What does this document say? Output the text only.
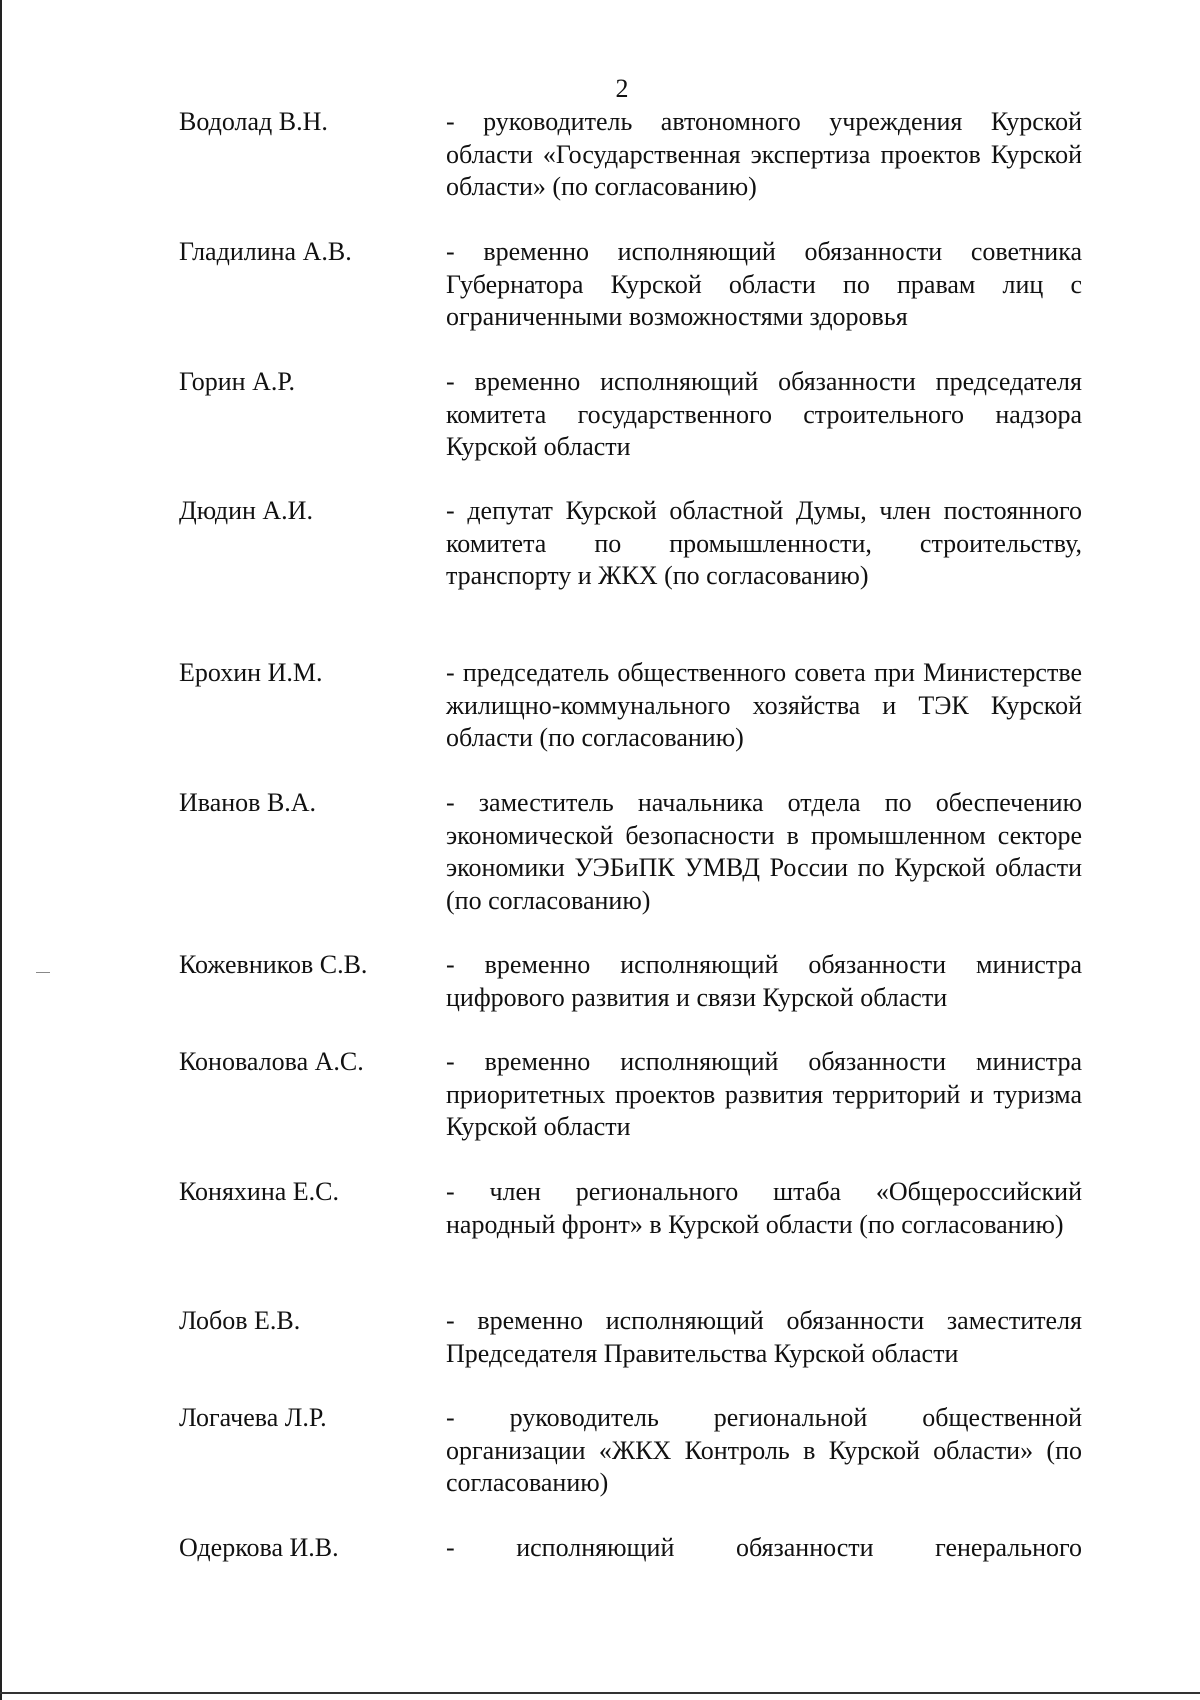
2
Водолад В.Н.	- руководитель автономного учреждения Курской области «Государственная экспертиза проектов Курской области» (по согласованию)
Гладилина А.В.	- временно исполняющий обязанности советника Губернатора Курской области по правам лиц с ограниченными возможностями здоровья
Горин А.Р.	- временно исполняющий обязанности председателя комитета государственного строительного надзора Курской области
Дюдин А.И.	- депутат Курской областной Думы, член постоянного комитета по промышленности, строительству, транспорту и ЖКХ (по согласованию)
Ерохин И.М.	- председатель общественного совета при Министерстве жилищно-коммунального хозяйства и ТЭК Курской области (по согласованию)
Иванов В.А.	- заместитель начальника отдела по обеспечению экономической безопасности в промышленном секторе экономики УЭБиПК УМВД России по Курской области (по согласованию)
Кожевников С.В.	- временно исполняющий обязанности министра цифрового развития и связи Курской области
Коновалова А.С.	- временно исполняющий обязанности министра приоритетных проектов развития территорий и туризма Курской области
Коняхина Е.С.	- член регионального штаба «Общероссийский народный фронт» в Курской области (по согласованию)
Лобов Е.В.	- временно исполняющий обязанности заместителя Председателя Правительства Курской области
Логачева Л.Р.	- руководитель региональной общественной организации «ЖКХ Контроль в Курской области» (по согласованию)
Одеркова И.В.	- исполняющий обязанности генерального
